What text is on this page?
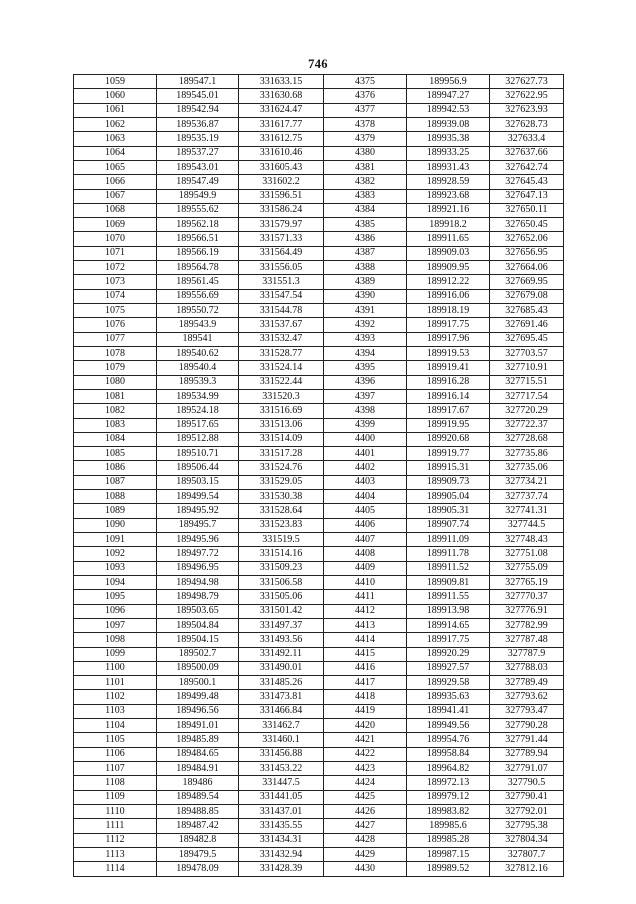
746
1059	189547.1	331633.15	4375	189956.9	327627.73
1060	189545.01	331630.68	4376	189947.27	327622.95
1061	189542.94	331624.47	4377	189942.53	327623.93
1062	189536.87	331617.77	4378	189939.08	327628.73
1063	189535.19	331612.75	4379	189935.38	327633.4
1064	189537.27	331610.46	4380	189933.25	327637.66
1065	189543.01	331605.43	4381	189931.43	327642.74
1066	189547.49	331602.2	4382	189928.59	327645.43
1067	189549.9	331596.51	4383	189923.68	327647.13
1068	189555.62	331586.24	4384	189921.16	327650.11
1069	189562.18	331579.97	4385	189918.2	327650.45
1070	189566.51	331571.33	4386	189911.65	327652.06
1071	189566.19	331564.49	4387	189909.03	327656.95
1072	189564.78	331556.05	4388	189909.95	327664.06
1073	189561.45	331551.3	4389	189912.22	327669.95
1074	189556.69	331547.54	4390	189916.06	327679.08
1075	189550.72	331544.78	4391	189918.19	327685.43
1076	189543.9	331537.67	4392	189917.75	327691.46
1077	189541	331532.47	4393	189917.96	327695.45
1078	189540.62	331528.77	4394	189919.53	327703.57
1079	189540.4	331524.14	4395	189919.41	327710.91
1080	189539.3	331522.44	4396	189916.28	327715.51
1081	189534.99	331520.3	4397	189916.14	327717.54
1082	189524.18	331516.69	4398	189917.67	327720.29
1083	189517.65	331513.06	4399	189919.95	327722.37
1084	189512.88	331514.09	4400	189920.68	327728.68
1085	189510.71	331517.28	4401	189919.77	327735.86
1086	189506.44	331524.76	4402	189915.31	327735.06
1087	189503.15	331529.05	4403	189909.73	327734.21
1088	189499.54	331530.38	4404	189905.04	327737.74
1089	189495.92	331528.64	4405	189905.31	327741.31
1090	189495.7	331523.83	4406	189907.74	327744.5
1091	189495.96	331519.5	4407	189911.09	327748.43
1092	189497.72	331514.16	4408	189911.78	327751.08
1093	189496.95	331509.23	4409	189911.52	327755.09
1094	189494.98	331506.58	4410	189909.81	327765.19
1095	189498.79	331505.06	4411	189911.55	327770.37
1096	189503.65	331501.42	4412	189913.98	327776.91
1097	189504.84	331497.37	4413	189914.65	327782.99
1098	189504.15	331493.56	4414	189917.75	327787.48
1099	189502.7	331492.11	4415	189920.29	327787.9
1100	189500.09	331490.01	4416	189927.57	327788.03
1101	189500.1	331485.26	4417	189929.58	327789.49
1102	189499.48	331473.81	4418	189935.63	327793.62
1103	189496.56	331466.84	4419	189941.41	327793.47
1104	189491.01	331462.7	4420	189949.56	327790.28
1105	189485.89	331460.1	4421	189954.76	327791.44
1106	189484.65	331456.88	4422	189958.84	327789.94
1107	189484.91	331453.22	4423	189964.82	327791.07
1108	189486	331447.5	4424	189972.13	327790.5
1109	189489.54	331441.05	4425	189979.12	327790.41
1110	189488.85	331437.01	4426	189983.82	327792.01
1111	189487.42	331435.55	4427	189985.6	327795.38
1112	189482.8	331434.31	4428	189985.28	327804.34
1113	189479.5	331432.94	4429	189987.15	327807.7
1114	189478.09	331428.39	4430	189989.52	327812.16
